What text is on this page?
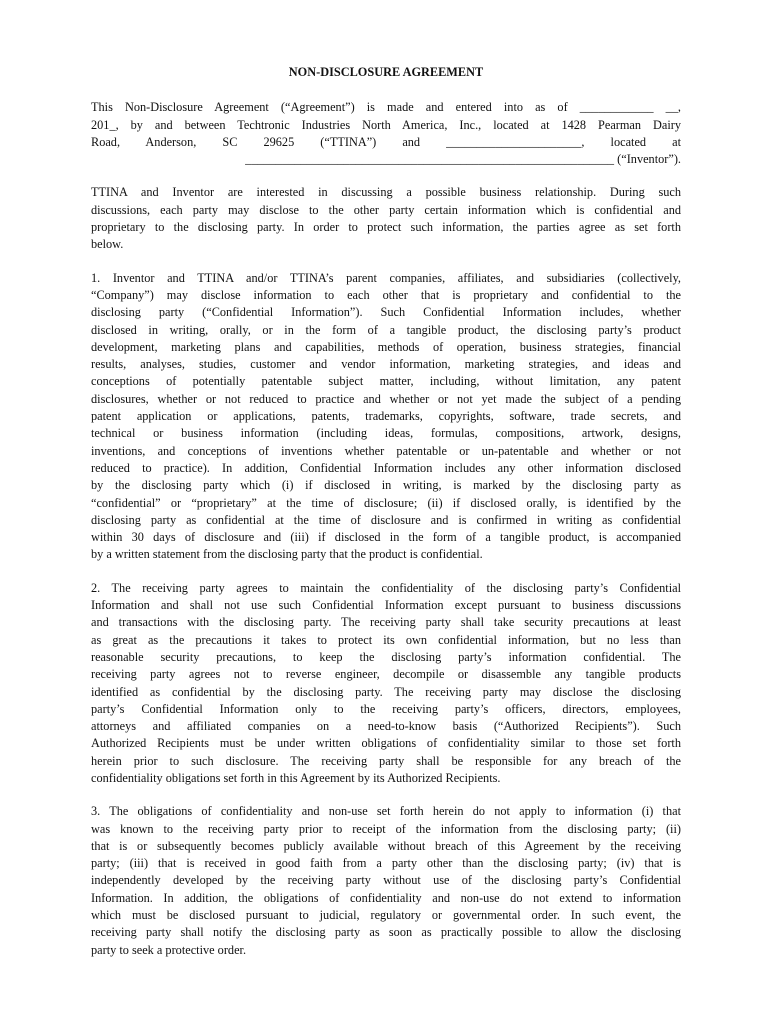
NON-DISCLOSURE AGREEMENT
This Non-Disclosure Agreement (“Agreement”) is made and entered into as of ____________ __,
201_, by and between Techtronic Industries North America, Inc., located at 1428 Pearman Dairy
Road, Anderson, SC 29625 (“TTINA”) and ______________________, located at
____________________________________________________________ (“Inventor”).
TTINA and Inventor are interested in discussing a possible business relationship. During such
discussions, each party may disclose to the other party certain information which is confidential and
proprietary to the disclosing party. In order to protect such information, the parties agree as set forth
below.
1. Inventor and TTINA and/or TTINA’s parent companies, affiliates, and subsidiaries (collectively,
“Company”) may disclose information to each other that is proprietary and confidential to the
disclosing party (“Confidential Information”). Such Confidential Information includes, whether
disclosed in writing, orally, or in the form of a tangible product, the disclosing party’s product
development, marketing plans and capabilities, methods of operation, business strategies, financial
results, analyses, studies, customer and vendor information, marketing strategies, and ideas and
conceptions of potentially patentable subject matter, including, without limitation, any patent
disclosures, whether or not reduced to practice and whether or not yet made the subject of a pending
patent application or applications, patents, trademarks, copyrights, software, trade secrets, and
technical or business information (including ideas, formulas, compositions, artwork, designs,
inventions, and conceptions of inventions whether patentable or un-patentable and whether or not
reduced to practice). In addition, Confidential Information includes any other information disclosed
by the disclosing party which (i) if disclosed in writing, is marked by the disclosing party as
“confidential” or “proprietary” at the time of disclosure; (ii) if disclosed orally, is identified by the
disclosing party as confidential at the time of disclosure and is confirmed in writing as confidential
within 30 days of disclosure and (iii) if disclosed in the form of a tangible product, is accompanied
by a written statement from the disclosing party that the product is confidential.
2. The receiving party agrees to maintain the confidentiality of the disclosing party’s Confidential
Information and shall not use such Confidential Information except pursuant to business discussions
and transactions with the disclosing party. The receiving party shall take security precautions at least
as great as the precautions it takes to protect its own confidential information, but no less than
reasonable security precautions, to keep the disclosing party’s information confidential. The
receiving party agrees not to reverse engineer, decompile or disassemble any tangible products
identified as confidential by the disclosing party. The receiving party may disclose the disclosing
party’s Confidential Information only to the receiving party’s officers, directors, employees,
attorneys and affiliated companies on a need-to-know basis (“Authorized Recipients”). Such
Authorized Recipients must be under written obligations of confidentiality similar to those set forth
herein prior to such disclosure. The receiving party shall be responsible for any breach of the
confidentiality obligations set forth in this Agreement by its Authorized Recipients.
3. The obligations of confidentiality and non-use set forth herein do not apply to information (i) that
was known to the receiving party prior to receipt of the information from the disclosing party; (ii)
that is or subsequently becomes publicly available without breach of this Agreement by the receiving
party; (iii) that is received in good faith from a party other than the disclosing party; (iv) that is
independently developed by the receiving party without use of the disclosing party’s Confidential
Information. In addition, the obligations of confidentiality and non-use do not extend to information
which must be disclosed pursuant to judicial, regulatory or governmental order. In such event, the
receiving party shall notify the disclosing party as soon as practically possible to allow the disclosing
party to seek a protective order.
